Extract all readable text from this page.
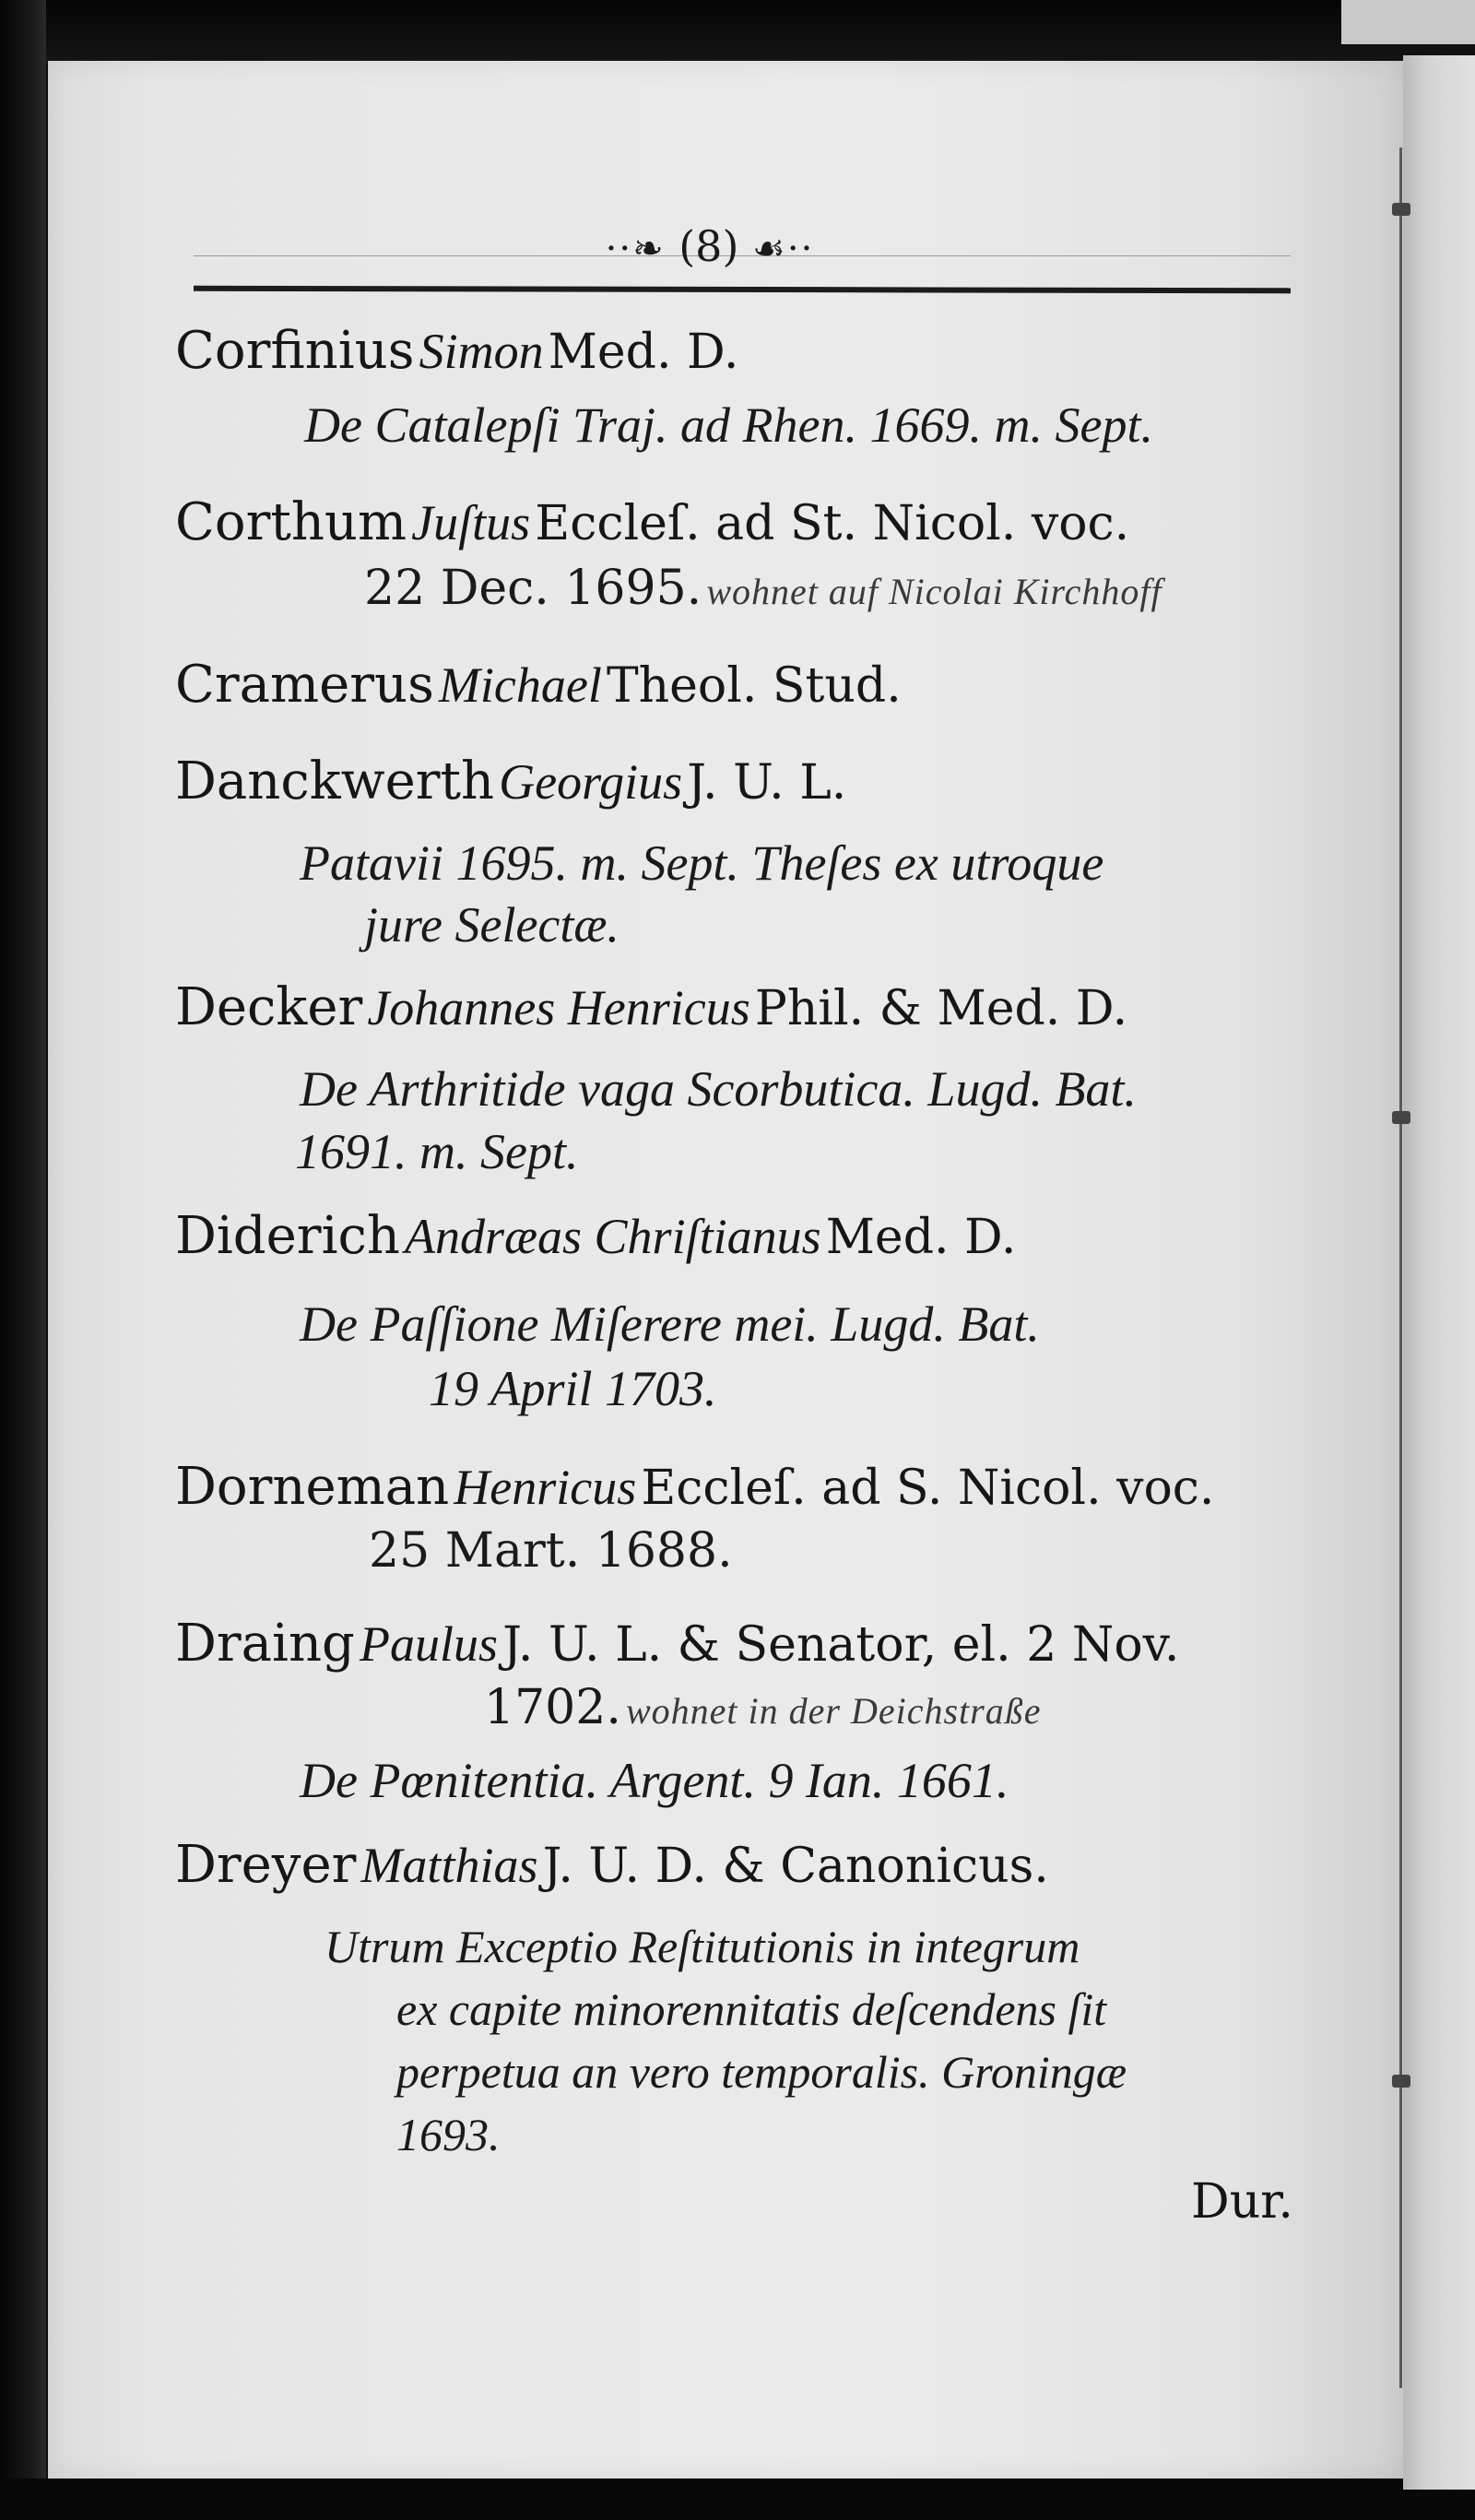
··❧ (8) ☙··
Corfinius Simon Med. D.
De Catalepſi Traj. ad Rhen. 1669. m. Sept.
Corthum Juſtus Eccleſ. ad St. Nicol. voc.
22 Dec. 1695. wohnet auf Nicolai Kirchhoff
Cramerus Michael Theol. Stud.
Danckwerth Georgius J. U. L.
Patavii 1695. m. Sept. Theſes ex utroque
jure Selectæ.
Decker Johannes Henricus Phil. & Med. D.
De Arthritide vaga Scorbutica. Lugd. Bat.
1691. m. Sept.
Diderich Andræas Chriſtianus Med. D.
De Paſſione Miſerere mei. Lugd. Bat.
19 April 1703.
Dorneman Henricus Eccleſ. ad S. Nicol. voc.
25 Mart. 1688.
Draing Paulus J. U. L. & Senator, el. 2 Nov.
1702. wohnet in der Deichstraße
De Pœnitentia. Argent. 9 Ian. 1661.
Dreyer Matthias J. U. D. & Canonicus.
Utrum Exceptio Reſtitutionis in integrum
ex capite minorennitatis deſcendens ſit
perpetua an vero temporalis. Groningæ
1693.
Dur.
